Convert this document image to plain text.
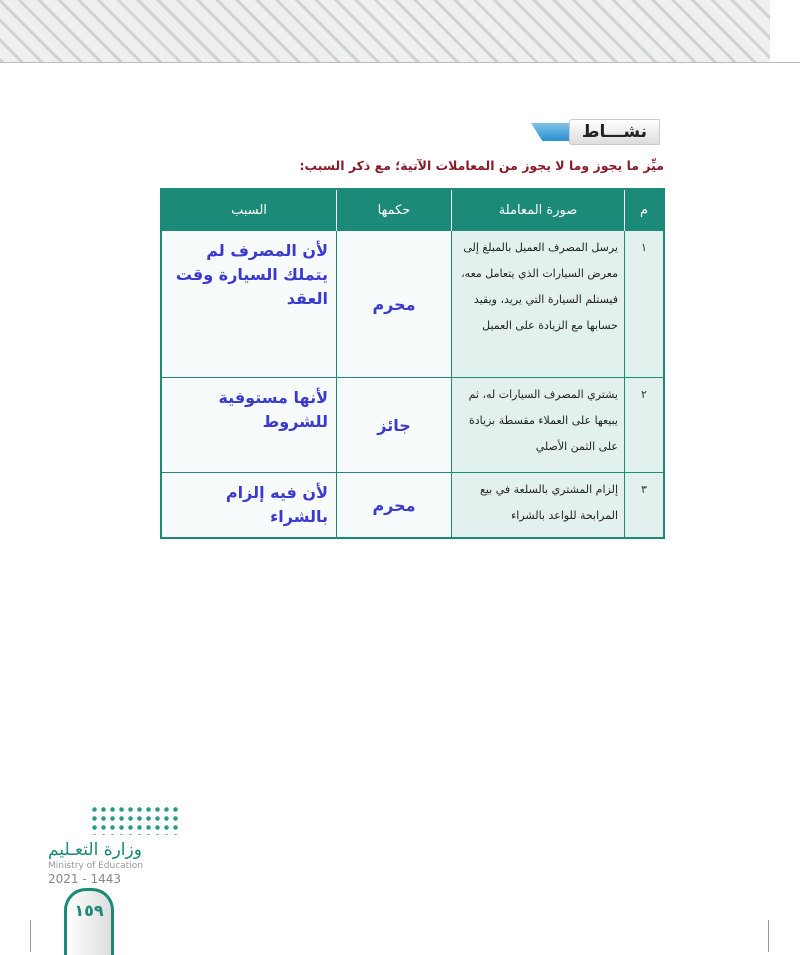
نشـــاط
ميِّز ما يجوز وما لا يجوز من المعاملات الآتية؛ مع ذكر السبب:
م	صورة المعاملة	حكمها	السبب
١	يرسل المصرف العميل بالمبلغ إلى معرض السيارات الذي يتعامل معه، فيستلم السيارة التي يريد، ويقيد حسابها مع الزيادة على العميل	محرم	لأن المصرف لم يتملك السيارة وقت العقد
٢	يشتري المصرف السيارات له، ثم يبيعها على العملاء مقسطة بزيادة على الثمن الأصلي	جائز	لأنها مستوفية للشروط
٣	إلزام المشتري بالسلعة في بيع المرابحة للواعد بالشراء	محرم	لأن فيه إلزام بالشراء
وزارة التعـليم
Ministry of Education
2021 - 1443
١٥٩
